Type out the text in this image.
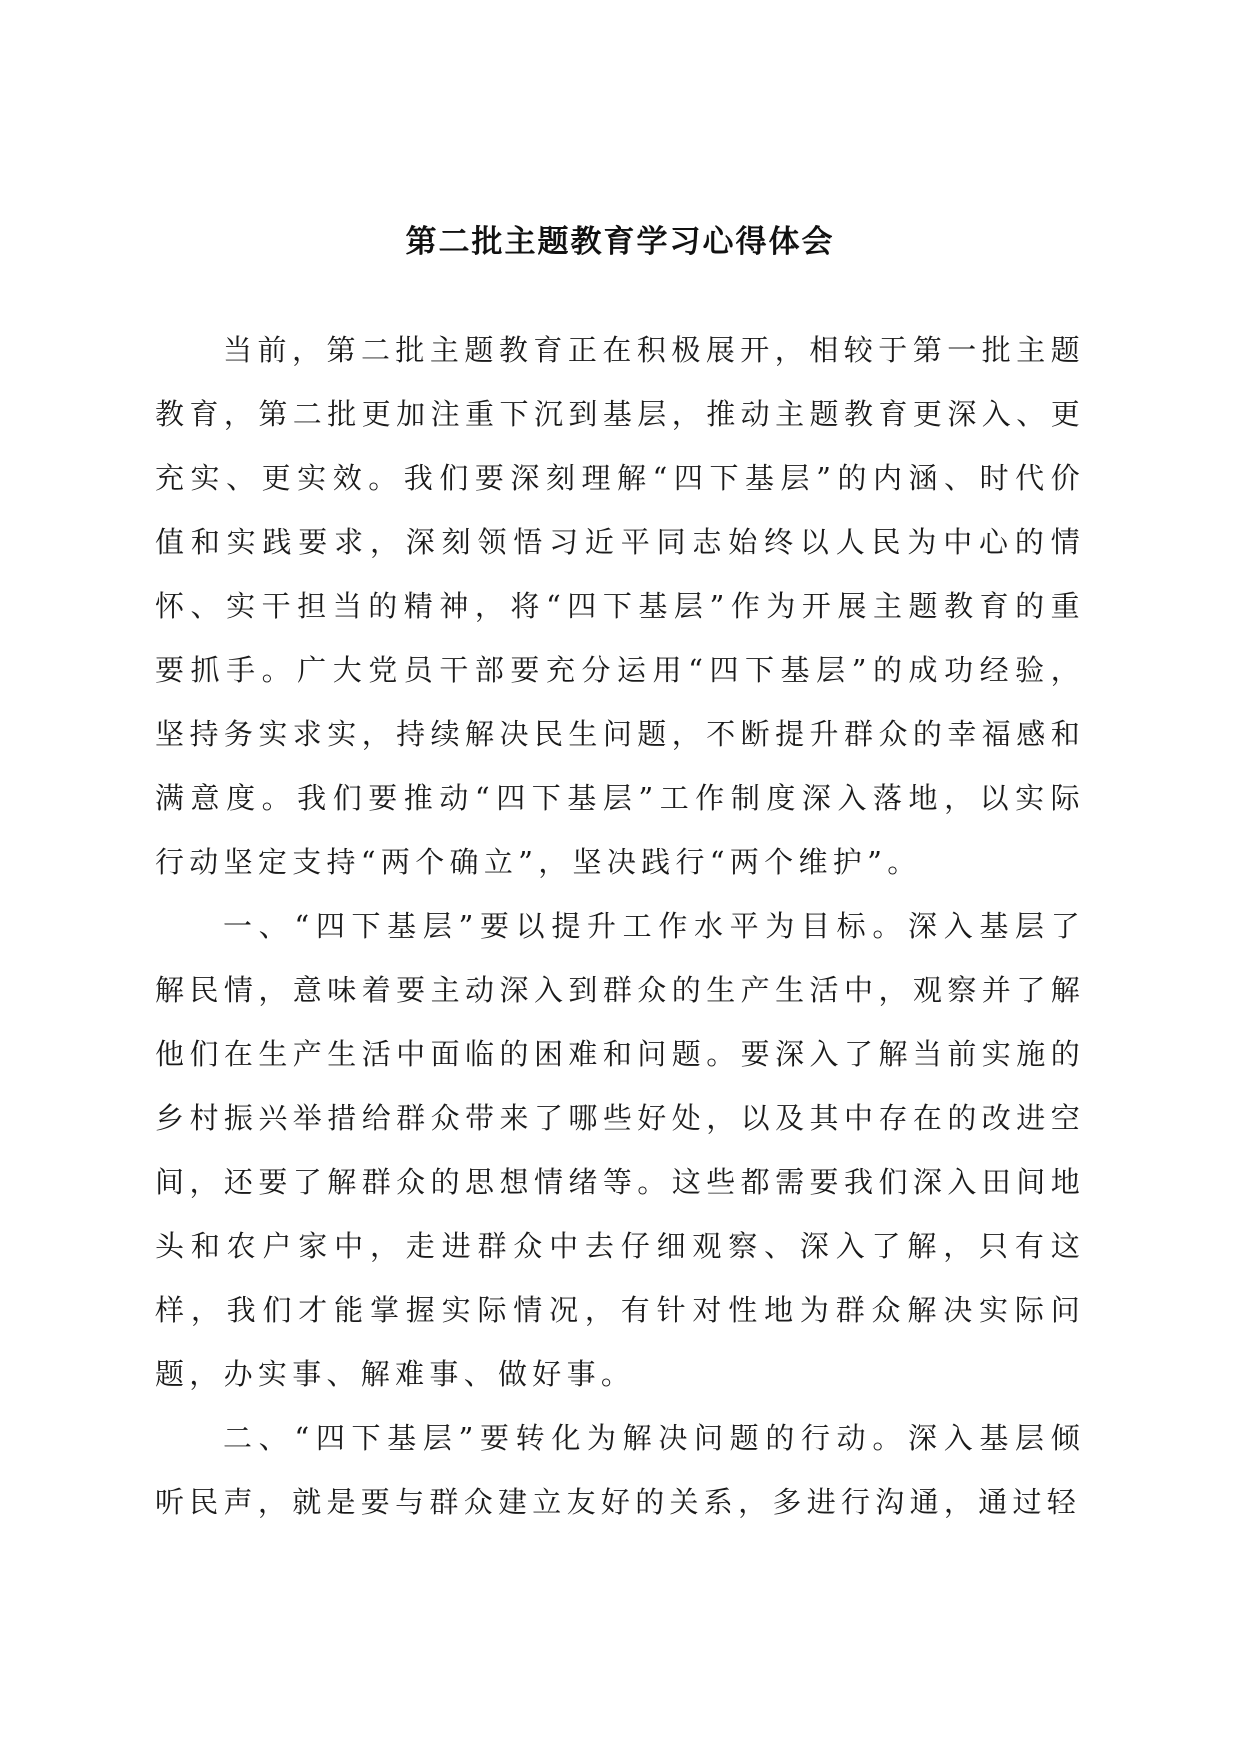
第二批主题教育学习心得体会

当前，第二批主题教育正在积极展开，相较于第一批主题教育，第二批更加注重下沉到基层，推动主题教育更深入、更充实、更实效。我们要深刻理解“四下基层”的内涵、时代价值和实践要求，深刻领悟习近平同志始终以人民为中心的情怀、实干担当的精神，将“四下基层”作为开展主题教育的重要抓手。广大党员干部要充分运用“四下基层”的成功经验，坚持务实求实，持续解决民生问题，不断提升群众的幸福感和满意度。我们要推动“四下基层”工作制度深入落地，以实际行动坚定支持“两个确立”，坚决践行“两个维护”。

一、“四下基层”要以提升工作水平为目标。深入基层了解民情，意味着要主动深入到群众的生产生活中，观察并了解他们在生产生活中面临的困难和问题。要深入了解当前实施的乡村振兴举措给群众带来了哪些好处，以及其中存在的改进空间，还要了解群众的思想情绪等。这些都需要我们深入田间地头和农户家中，走进群众中去仔细观察、深入了解，只有这样，我们才能掌握实际情况，有针对性地为群众解决实际问题，办实事、解难事、做好事。

二、“四下基层”要转化为解决问题的行动。深入基层倾听民声，就是要与群众建立友好的关系，多进行沟通，通过轻
